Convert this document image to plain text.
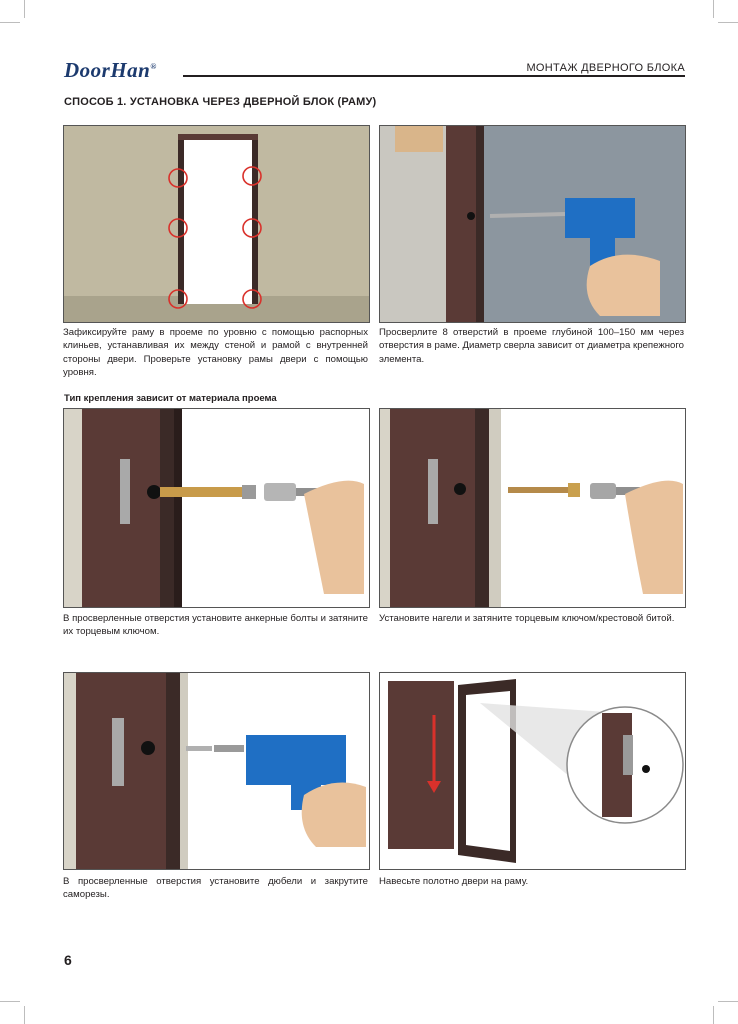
DoorHan®	МОНТАЖ ДВЕРНОГО БЛОКА
СПОСОБ 1. УСТАНОВКА ЧЕРЕЗ ДВЕРНОЙ БЛОК (РАМУ)
Зафиксируйте раму в проеме по уровню с помощью распорных клиньев, устанавливая их между стеной и рамой с внутренней стороны двери. Проверьте установку рамы двери с помощью уровня.
Просверлите 8 отверстий в проеме глубиной 100–150 мм через отверстия в раме. Диаметр сверла зависит от диаметра крепежного элемента.
Тип крепления зависит от материала проема
В просверленные отверстия установите анкерные болты и затяните их торцевым ключом.
Установите нагели и затяните торцевым ключом/крестовой битой.
В просверленные отверстия установите дюбели и закрутите саморезы.
Навесьте полотно двери на раму.
6
